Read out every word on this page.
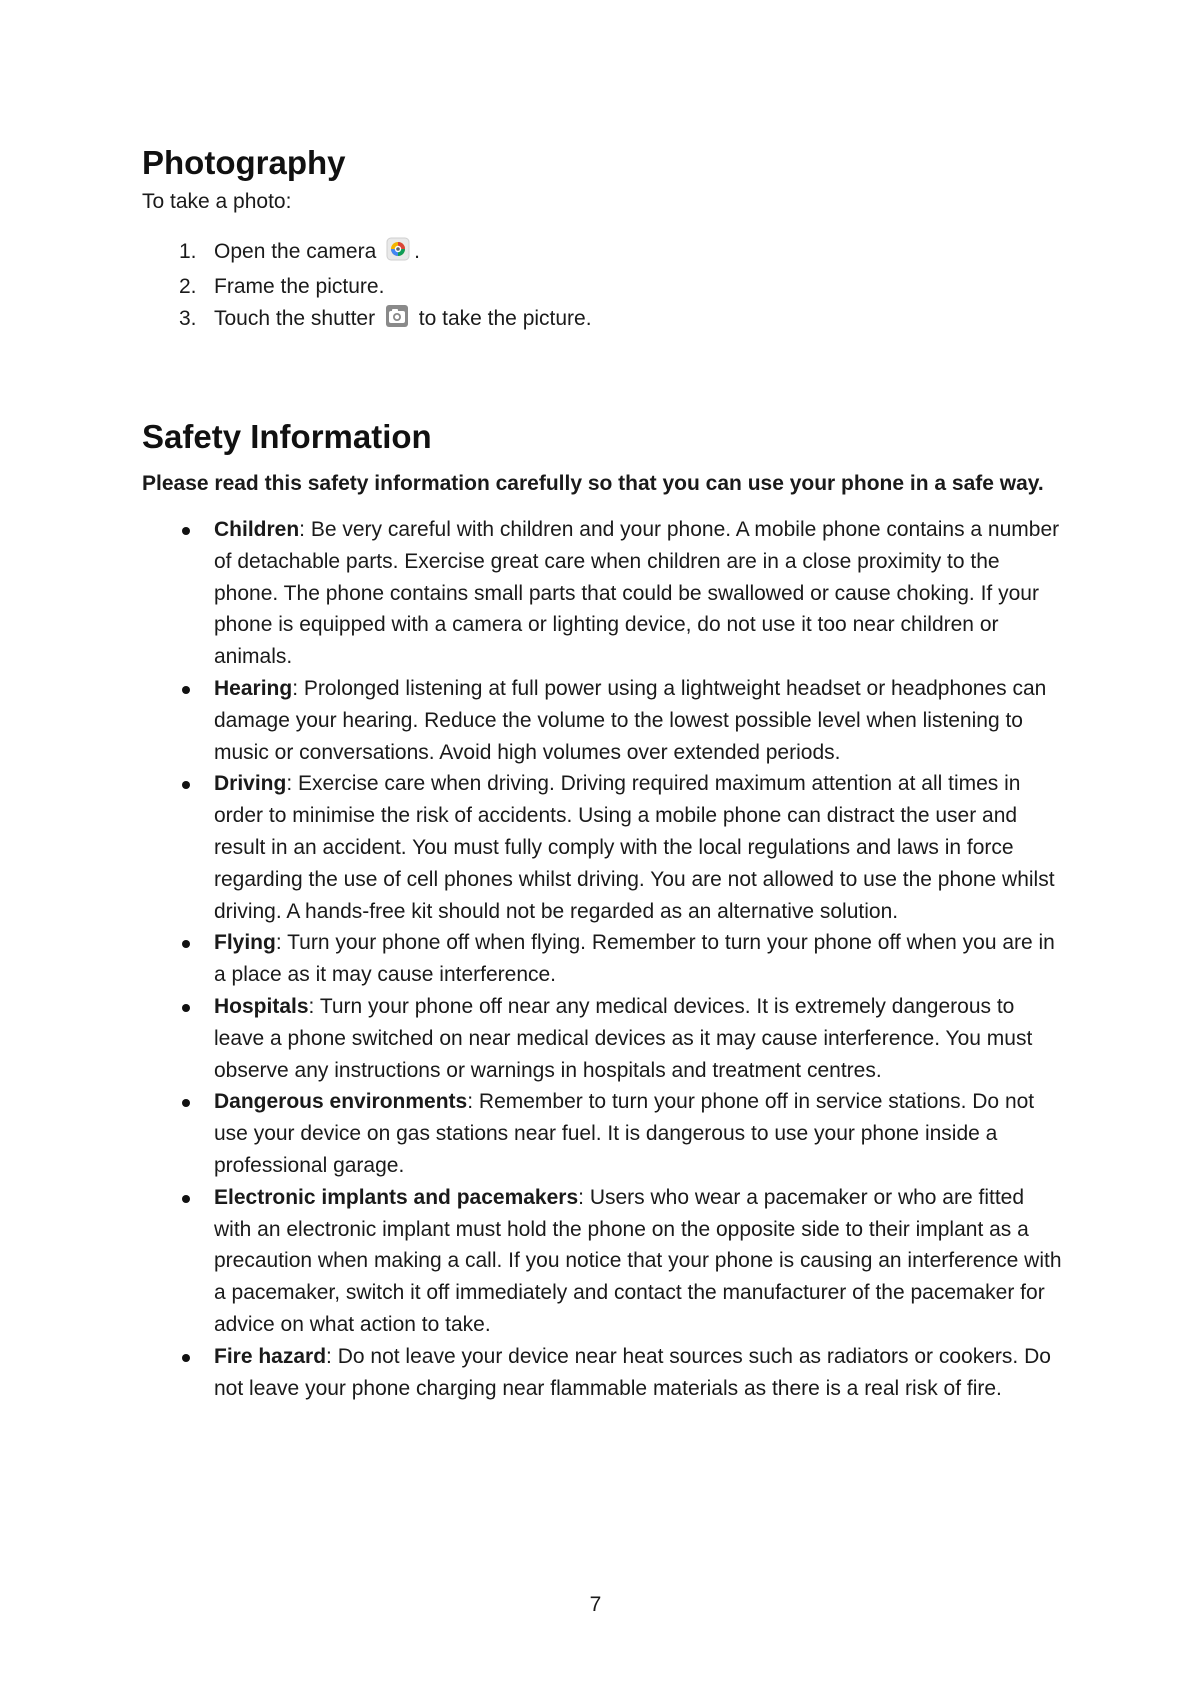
Photography

To take a photo:

1. Open the camera .
2. Frame the picture.
3. Touch the shutter to take the picture.
Safety Information

Please read this safety information carefully so that you can use your phone in a safe way.

Children: Be very careful with children and your phone. A mobile phone contains a number of detachable parts. Exercise great care when children are in a close proximity to the phone. The phone contains small parts that could be swallowed or cause choking. If your phone is equipped with a camera or lighting device, do not use it too near children or animals.
Hearing: Prolonged listening at full power using a lightweight headset or headphones can damage your hearing. Reduce the volume to the lowest possible level when listening to music or conversations. Avoid high volumes over extended periods.
Driving: Exercise care when driving. Driving required maximum attention at all times in order to minimise the risk of accidents. Using a mobile phone can distract the user and result in an accident. You must fully comply with the local regulations and laws in force regarding the use of cell phones whilst driving. You are not allowed to use the phone whilst driving. A hands-free kit should not be regarded as an alternative solution.
Flying: Turn your phone off when flying. Remember to turn your phone off when you are in a place as it may cause interference.
Hospitals: Turn your phone off near any medical devices. It is extremely dangerous to leave a phone switched on near medical devices as it may cause interference. You must observe any instructions or warnings in hospitals and treatment centres.
Dangerous environments: Remember to turn your phone off in service stations. Do not use your device on gas stations near fuel. It is dangerous to use your phone inside a professional garage.
Electronic implants and pacemakers: Users who wear a pacemaker or who are fitted with an electronic implant must hold the phone on the opposite side to their implant as a precaution when making a call. If you notice that your phone is causing an interference with a pacemaker, switch it off immediately and contact the manufacturer of the pacemaker for advice on what action to take.
Fire hazard: Do not leave your device near heat sources such as radiators or cookers. Do not leave your phone charging near flammable materials as there is a real risk of fire.
7
